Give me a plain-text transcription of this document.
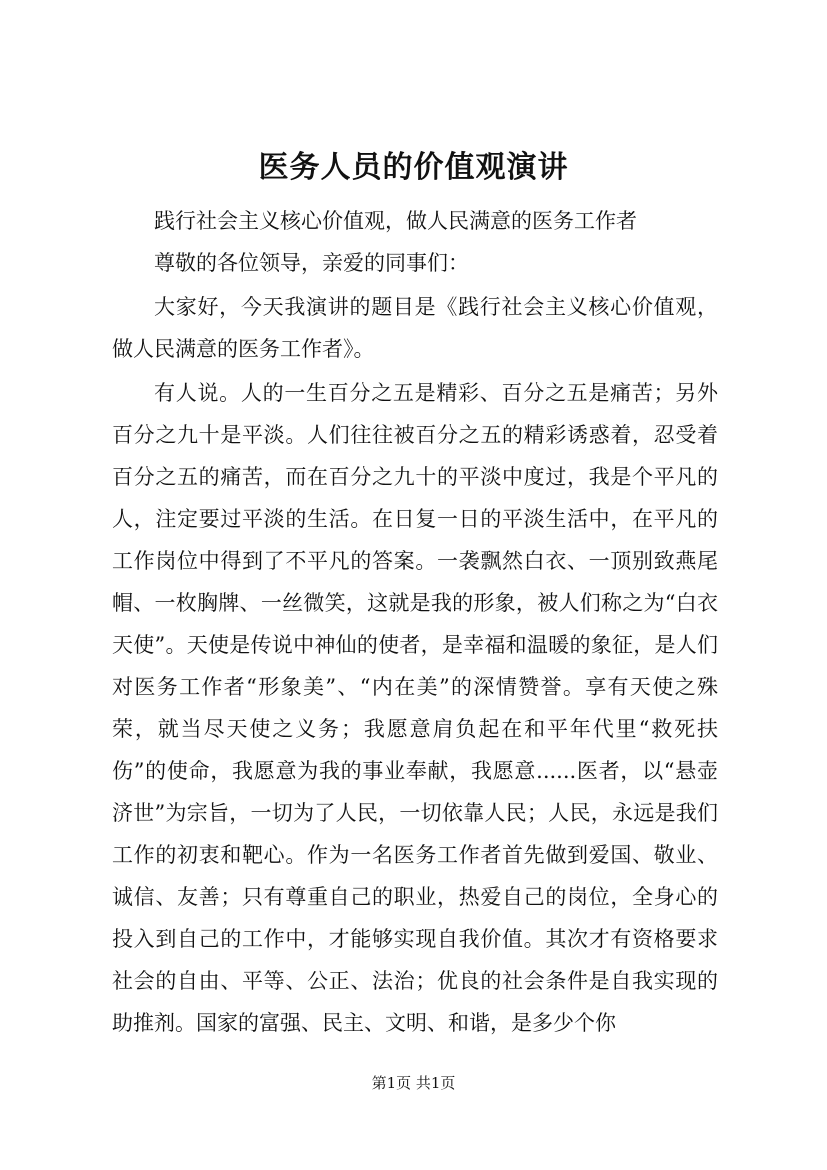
医务人员的价值观演讲

践行社会主义核心价值观，做人民满意的医务工作者

尊敬的各位领导，亲爱的同事们：

大家好，今天我演讲的题目是《践行社会主义核心价值观，做人民满意的医务工作者》。

有人说。人的一生百分之五是精彩、百分之五是痛苦；另外百分之九十是平淡。人们往往被百分之五的精彩诱惑着，忍受着百分之五的痛苦，而在百分之九十的平淡中度过，我是个平凡的人，注定要过平淡的生活。在日复一日的平淡生活中，在平凡的工作岗位中得到了不平凡的答案。一袭飘然白衣、一顶别致燕尾帽、一枚胸牌、一丝微笑，这就是我的形象，被人们称之为“白衣天使”。天使是传说中神仙的使者，是幸福和温暖的象征，是人们对医务工作者“形象美”、“内在美”的深情赞誉。享有天使之殊荣，就当尽天使之义务；我愿意肩负起在和平年代里“救死扶伤”的使命，我愿意为我的事业奉献，我愿意......医者，以“悬壶济世”为宗旨，一切为了人民，一切依靠人民；人民，永远是我们工作的初衷和靶心。作为一名医务工作者首先做到爱国、敬业、诚信、友善；只有尊重自己的职业，热爱自己的岗位，全身心的投入到自己的工作中，才能够实现自我价值。其次才有资格要求社会的自由、平等、公正、法治；优良的社会条件是自我实现的助推剂。国家的富强、民主、文明、和谐，是多少个你

第1页 共1页
